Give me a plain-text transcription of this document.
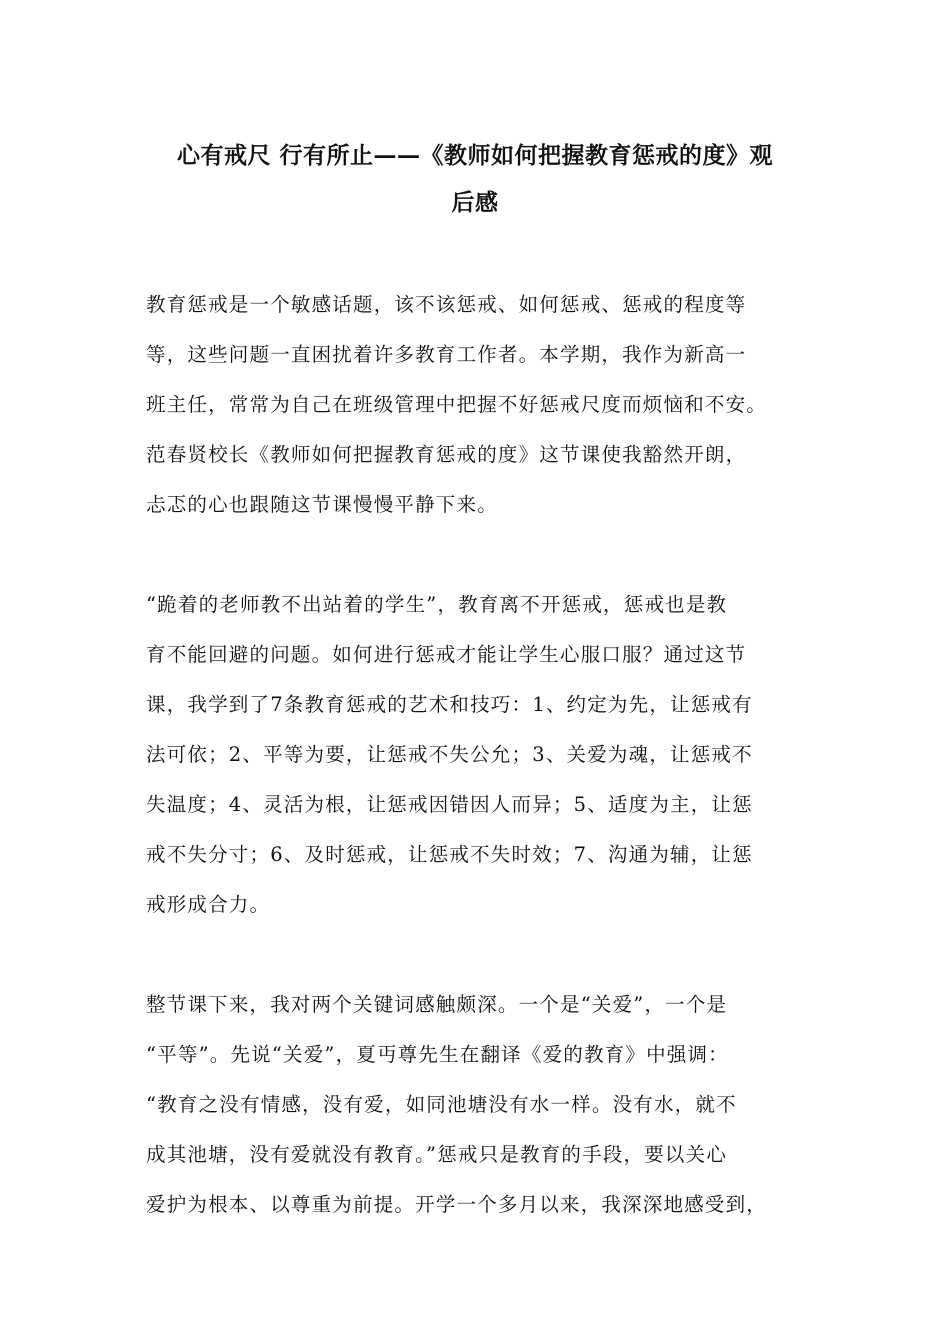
心有戒尺 行有所止——《教师如何把握教育惩戒的度》观
后感

教育惩戒是一个敏感话题，该不该惩戒、如何惩戒、惩戒的程度等
等，这些问题一直困扰着许多教育工作者。本学期，我作为新高一
班主任，常常为自己在班级管理中把握不好惩戒尺度而烦恼和不安。
范春贤校长《教师如何把握教育惩戒的度》这节课使我豁然开朗，
忐忑的心也跟随这节课慢慢平静下来。

“跪着的老师教不出站着的学生”，教育离不开惩戒，惩戒也是教
育不能回避的问题。如何进行惩戒才能让学生心服口服？通过这节
课，我学到了7条教育惩戒的艺术和技巧：1、约定为先，让惩戒有
法可依；2、平等为要，让惩戒不失公允；3、关爱为魂，让惩戒不
失温度；4、灵活为根，让惩戒因错因人而异；5、适度为主，让惩
戒不失分寸；6、及时惩戒，让惩戒不失时效；7、沟通为辅，让惩
戒形成合力。

整节课下来，我对两个关键词感触颇深。一个是“关爱”，一个是
“平等”。先说“关爱”，夏丏尊先生在翻译《爱的教育》中强调：
“教育之没有情感，没有爱，如同池塘没有水一样。没有水，就不
成其池塘，没有爱就没有教育。”惩戒只是教育的手段，要以关心
爱护为根本、以尊重为前提。开学一个多月以来，我深深地感受到，
